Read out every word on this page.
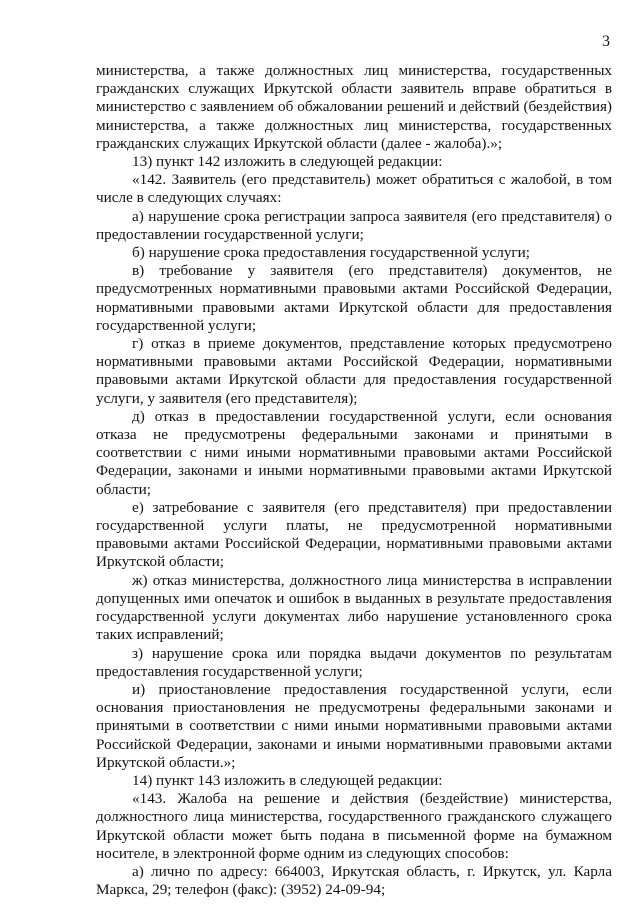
3

министерства, а также должностных лиц министерства, государственных гражданских служащих Иркутской области заявитель вправе обратиться в министерство с заявлением об обжаловании решений и действий (бездействия) министерства, а также должностных лиц министерства, государственных гражданских служащих Иркутской области (далее - жалоба).»;

13) пункт 142 изложить в следующей редакции:

«142. Заявитель (его представитель) может обратиться с жалобой, в том числе в следующих случаях:

а) нарушение срока регистрации запроса заявителя (его представителя) о предоставлении государственной услуги;

б) нарушение срока предоставления государственной услуги;

в) требование у заявителя (его представителя) документов, не предусмотренных нормативными правовыми актами Российской Федерации, нормативными правовыми актами Иркутской области для предоставления государственной услуги;

г) отказ в приеме документов, представление которых предусмотрено нормативными правовыми актами Российской Федерации, нормативными правовыми актами Иркутской области для предоставления государственной услуги, у заявителя (его представителя);

д) отказ в предоставлении государственной услуги, если основания отказа не предусмотрены федеральными законами и принятыми в соответствии с ними иными нормативными правовыми актами Российской Федерации, законами и иными нормативными правовыми актами Иркутской области;

е) затребование с заявителя (его представителя) при предоставлении государственной услуги платы, не предусмотренной нормативными правовыми актами Российской Федерации, нормативными правовыми актами Иркутской области;

ж) отказ министерства, должностного лица министерства в исправлении допущенных ими опечаток и ошибок в выданных в результате предоставления государственной услуги документах либо нарушение установленного срока таких исправлений;

з) нарушение срока или порядка выдачи документов по результатам предоставления государственной услуги;

и) приостановление предоставления государственной услуги, если основания приостановления не предусмотрены федеральными законами и принятыми в соответствии с ними иными нормативными правовыми актами Российской Федерации, законами и иными нормативными правовыми актами Иркутской области.»;

14) пункт 143 изложить в следующей редакции:

«143. Жалоба на решение и действия (бездействие) министерства, должностного лица министерства, государственного гражданского служащего Иркутской области может быть подана в письменной форме на бумажном носителе, в электронной форме одним из следующих способов:

а) лично по адресу: 664003, Иркутская область, г. Иркутск, ул. Карла Маркса, 29; телефон (факс): (3952) 24-09-94;
